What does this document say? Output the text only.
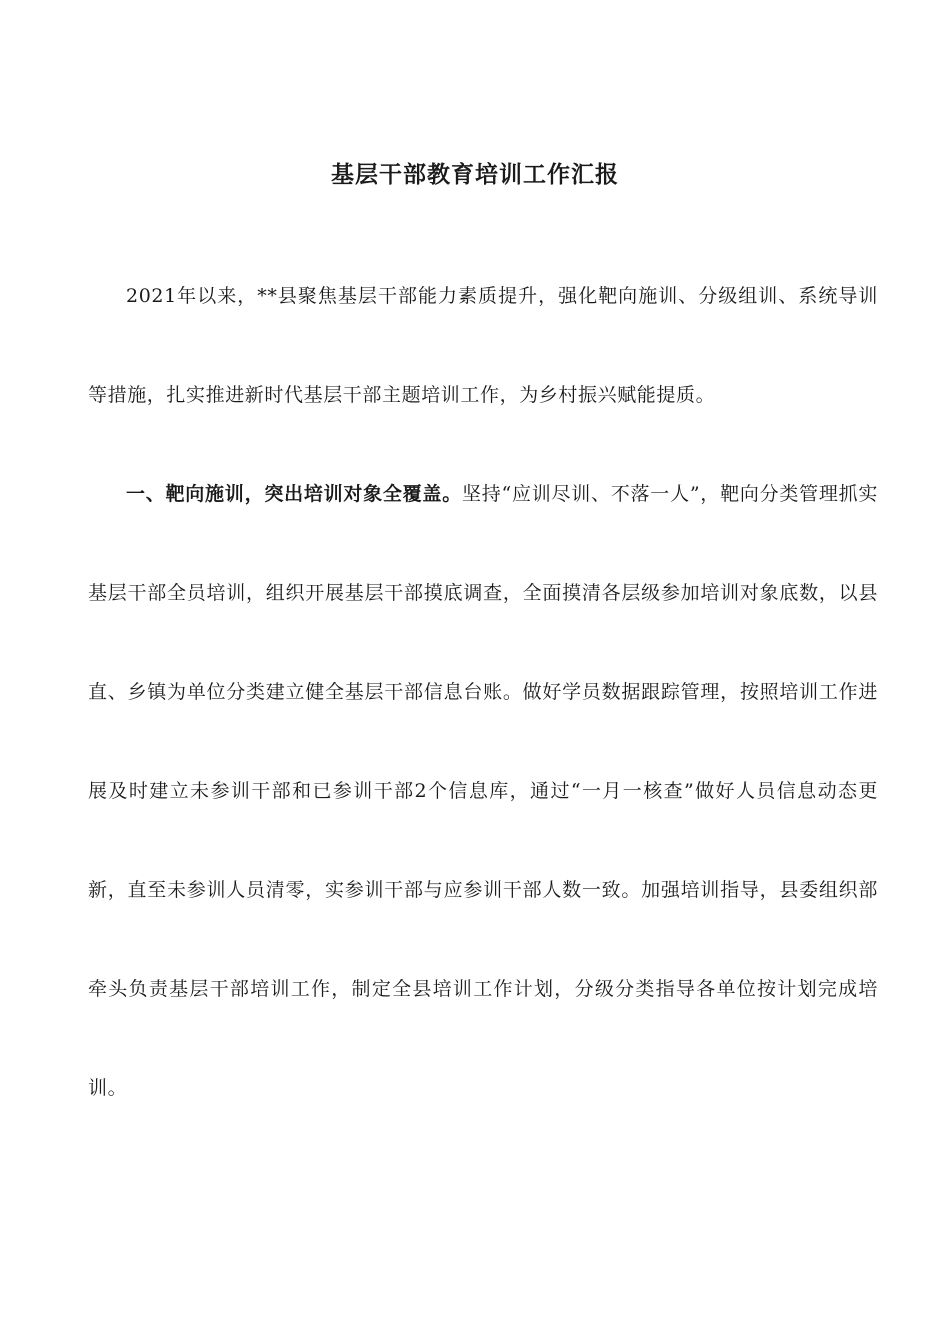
基层干部教育培训工作汇报

2021年以来，**县聚焦基层干部能力素质提升，强化靶向施训、分级组训、系统导训等措施，扎实推进新时代基层干部主题培训工作，为乡村振兴赋能提质。

一、靶向施训，突出培训对象全覆盖。坚持“应训尽训、不落一人”，靶向分类管理抓实基层干部全员培训，组织开展基层干部摸底调查，全面摸清各层级参加培训对象底数，以县直、乡镇为单位分类建立健全基层干部信息台账。做好学员数据跟踪管理，按照培训工作进展及时建立未参训干部和已参训干部2个信息库，通过“一月一核查”做好人员信息动态更新，直至未参训人员清零，实参训干部与应参训干部人数一致。加强培训指导，县委组织部牵头负责基层干部培训工作，制定全县培训工作计划，分级分类指导各单位按计划完成培训。
